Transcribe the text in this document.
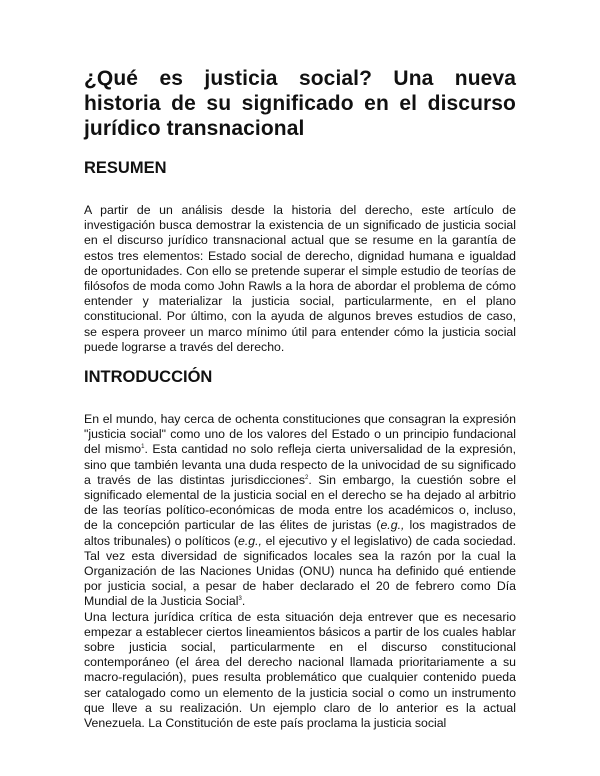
¿Qué es justicia social? Una nueva historia de su significado en el discurso jurídico transnacional
RESUMEN

A partir de un análisis desde la historia del derecho, este artículo de investigación busca demostrar la existencia de un significado de justicia social en el discurso jurídico transnacional actual que se resume en la garantía de estos tres elementos: Estado social de derecho, dignidad humana e igualdad de oportunidades. Con ello se pretende superar el simple estudio de teorías de filósofos de moda como John Rawls a la hora de abordar el problema de cómo entender y materializar la justicia social, particularmente, en el plano constitucional. Por último, con la ayuda de algunos breves estudios de caso, se espera proveer un marco mínimo útil para entender cómo la justicia social puede lograrse a través del derecho.

INTRODUCCIÓN

En el mundo, hay cerca de ochenta constituciones que consagran la expresión "justicia social" como uno de los valores del Estado o un principio fundacional del mismo$^1$. Esta cantidad no solo refleja cierta universalidad de la expresión, sino que también levanta una duda respecto de la univocidad de su significado a través de las distintas jurisdicciones$^2$. Sin embargo, la cuestión sobre el significado elemental de la justicia social en el derecho se ha dejado al arbitrio de las teorías político-económicas de moda entre los académicos o, incluso, de la concepción particular de las élites de juristas (e.g., los magistrados de altos tribunales) o políticos (e.g., el ejecutivo y el legislativo) de cada sociedad. Tal vez esta diversidad de significados locales sea la razón por la cual la Organización de las Naciones Unidas (ONU) nunca ha definido qué entiende por justicia social, a pesar de haber declarado el 20 de febrero como Día Mundial de la Justicia Social$^3$.

Una lectura jurídica crítica de esta situación deja entrever que es necesario empezar a establecer ciertos lineamientos básicos a partir de los cuales hablar sobre justicia social, particularmente en el discurso constitucional contemporáneo (el área del derecho nacional llamada prioritariamente a su macro-regulación), pues resulta problemático que cualquier contenido pueda ser catalogado como un elemento de la justicia social o como un instrumento que lleve a su realización. Un ejemplo claro de lo anterior es la actual Venezuela. La Constitución de este país proclama la justicia social
